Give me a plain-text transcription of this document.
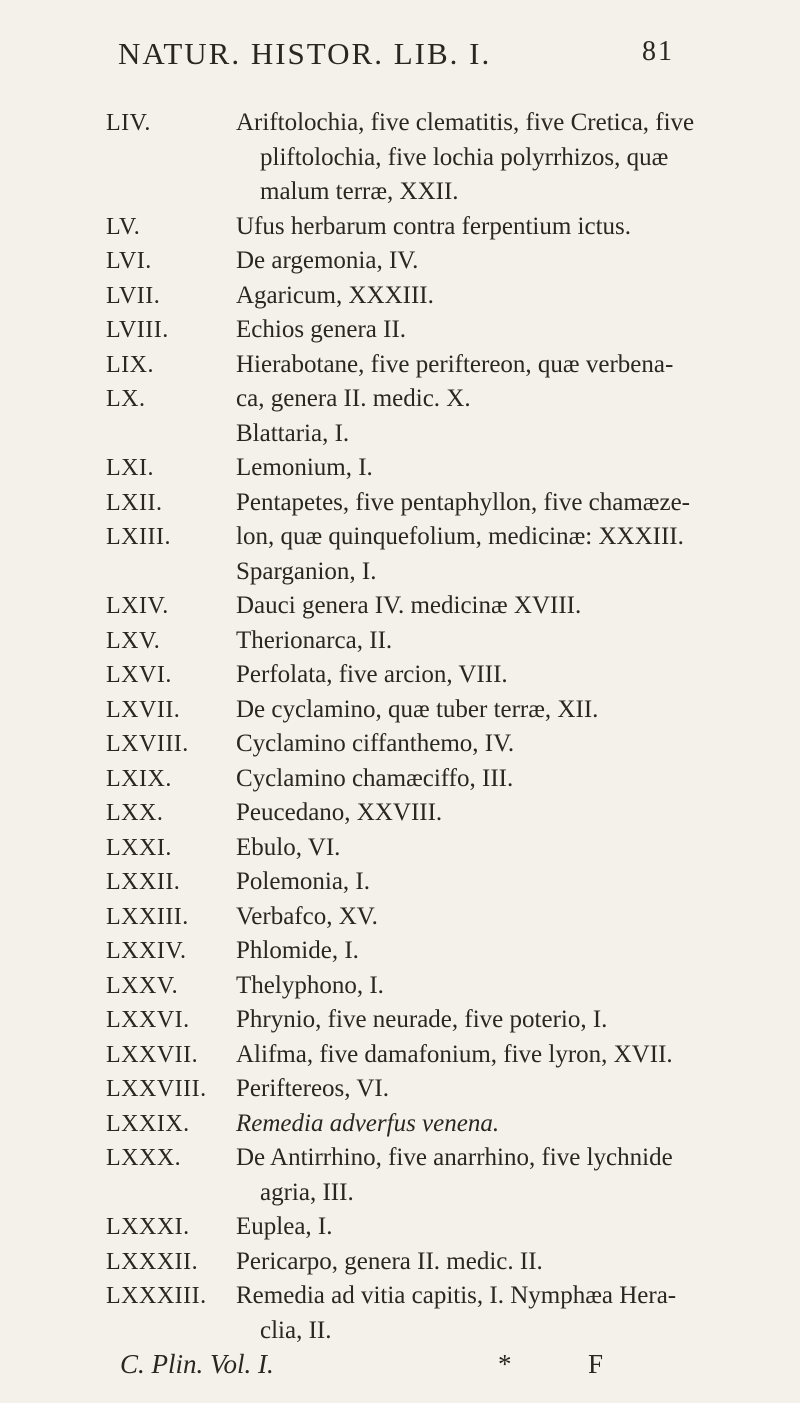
NATUR. HISTOR. LIB. I.	81
LIV.	Ariftolochia, five clematitis, five Cretica, five
pliftolochia, five lochia polyrrhizos, quæ
malum terræ, XXII.
LV.	Ufus herbarum contra ferpentium ictus.
LVI.	De argemonia, IV.
LVII.	Agaricum, XXXIII.
LVIII.	Echios genera II.
LIX.	Hierabotane, five periftereon, quæ verbena-
LX.	ca, genera II. medic. X.
Blattaria, I.
LXI.	Lemonium, I.
LXII.	Pentapetes, five pentaphyllon, five chamæze-
LXIII.	lon, quæ quinquefolium, medicinæ: XXXIII.
Sparganion, I.
LXIV.	Dauci genera IV. medicinæ XVIII.
LXV.	Therionarca, II.
LXVI.	Perfolata, five arcion, VIII.
LXVII.	De cyclamino, quæ tuber terræ, XII.
LXVIII.	Cyclamino ciffanthemo, IV.
LXIX.	Cyclamino chamæciffo, III.
LXX.	Peucedano, XXVIII.
LXXI.	Ebulo, VI.
LXXII.	Polemonia, I.
LXXIII.	Verbafco, XV.
LXXIV.	Phlomide, I.
LXXV.	Thelyphono, I.
LXXVI.	Phrynio, five neurade, five poterio, I.
LXXVII.	Alifma, five damafonium, five lyron, XVII.
LXXVIII.	Periftereos, VI.
LXXIX.	Remedia adverfus venena.
LXXX.	De Antirrhino, five anarrhino, five lychnide
agria, III.
LXXXI.	Euplea, I.
LXXXII.	Pericarpo, genera II. medic. II.
LXXXIII.	Remedia ad vitia capitis, I. Nymphæa Hera-
clia, II.
C. Plin. Vol. I.	*	F
